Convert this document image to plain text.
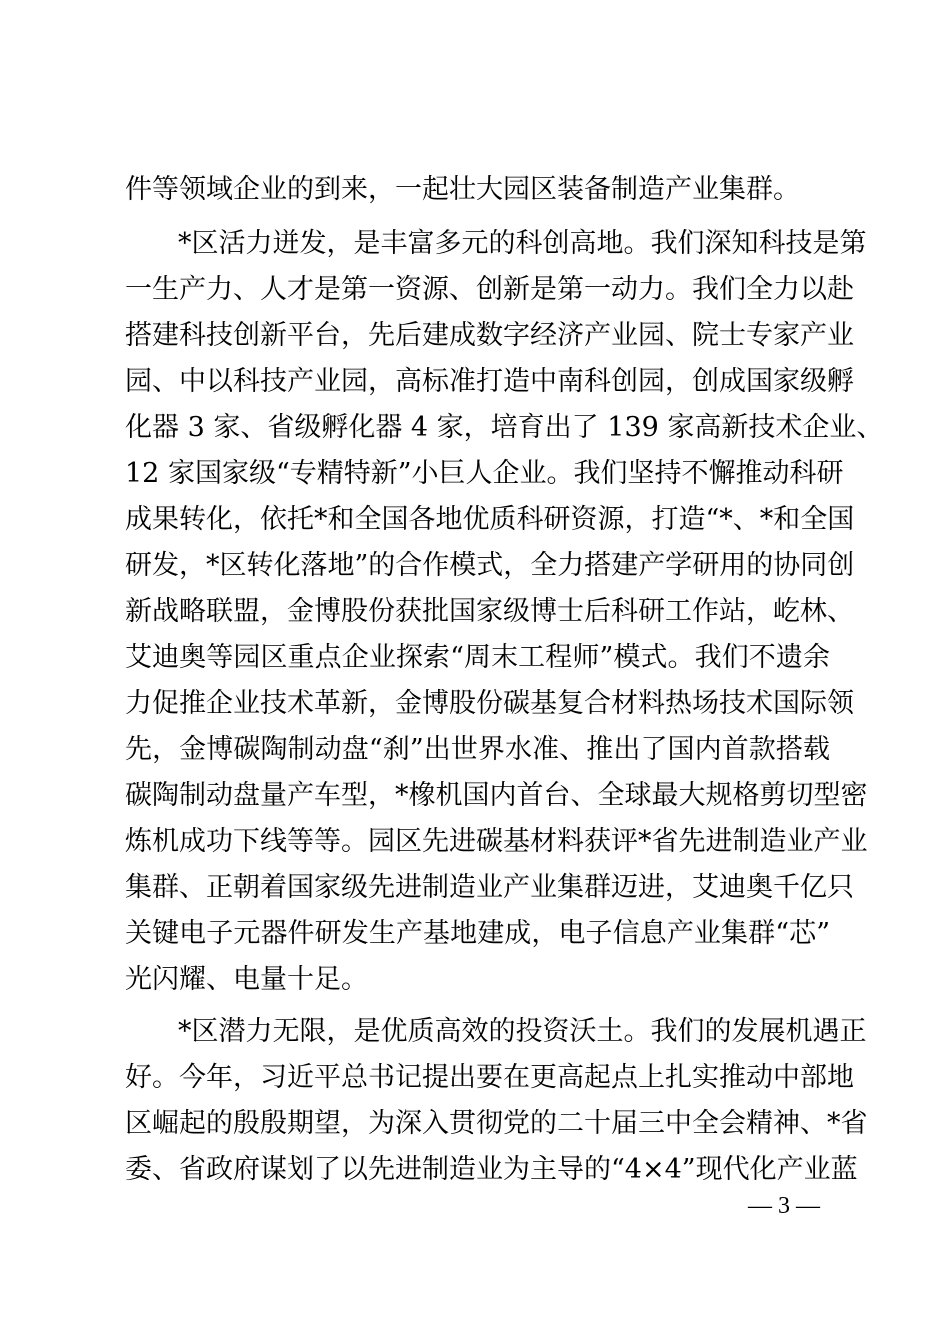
件等领域企业的到来，一起壮大园区装备制造产业集群。
*区活力迸发，是丰富多元的科创高地。我们深知科技是第
一生产力、人才是第一资源、创新是第一动力。我们全力以赴
搭建科技创新平台，先后建成数字经济产业园、院士专家产业
园、中以科技产业园，高标准打造中南科创园，创成国家级孵
化器 3 家、省级孵化器 4 家，培育出了 139 家高新技术企业、
12 家国家级“专精特新”小巨人企业。我们坚持不懈推动科研
成果转化，依托*和全国各地优质科研资源，打造“*、*和全国
研发，*区转化落地”的合作模式，全力搭建产学研用的协同创
新战略联盟，金博股份获批国家级博士后科研工作站，屹林、
艾迪奥等园区重点企业探索“周末工程师”模式。我们不遗余
力促推企业技术革新，金博股份碳基复合材料热场技术国际领
先，金博碳陶制动盘“刹”出世界水准、推出了国内首款搭载
碳陶制动盘量产车型，*橡机国内首台、全球最大规格剪切型密
炼机成功下线等等。园区先进碳基材料获评*省先进制造业产业
集群、正朝着国家级先进制造业产业集群迈进，艾迪奥千亿只
关键电子元器件研发生产基地建成，电子信息产业集群“芯”
光闪耀、电量十足。
*区潜力无限，是优质高效的投资沃土。我们的发展机遇正
好。今年，习近平总书记提出要在更高起点上扎实推动中部地
区崛起的殷殷期望，为深入贯彻党的二十届三中全会精神、*省
委、省政府谋划了以先进制造业为主导的“4×4”现代化产业蓝
— 3 —
